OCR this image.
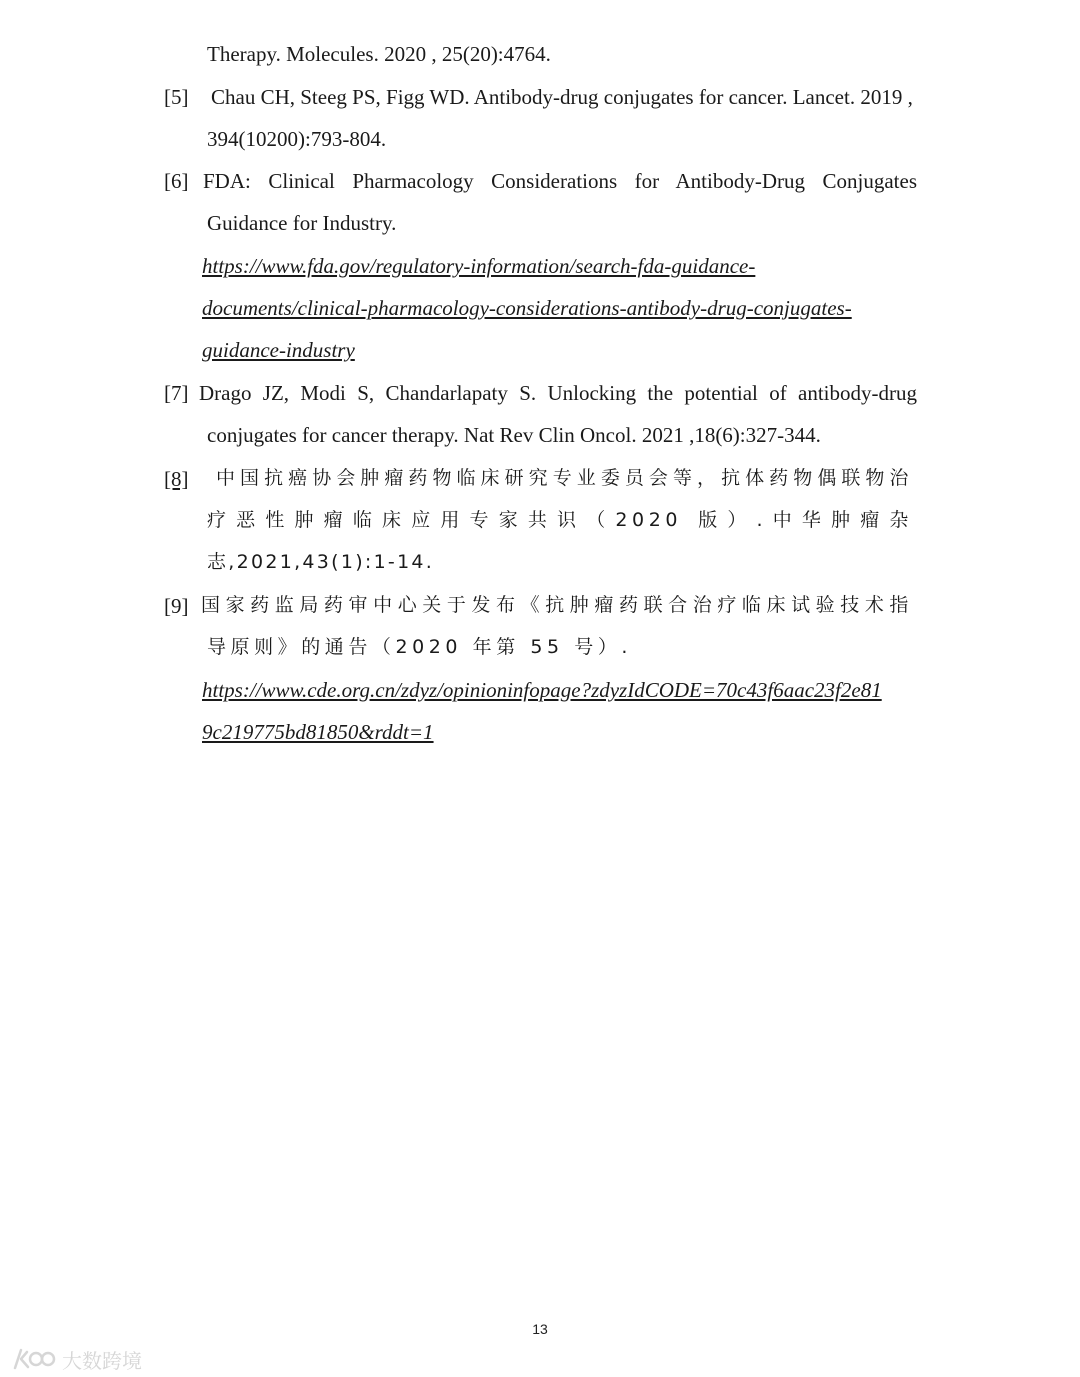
Therapy. Molecules. 2020 , 25(20):4764.
[5] Chau CH, Steeg PS, Figg WD. Antibody-drug conjugates for cancer. Lancet. 2019 ,
394(10200):793-804.
[6] FDA: Clinical Pharmacology Considerations for Antibody-Drug Conjugates
Guidance for Industry.
https://www.fda.gov/regulatory-information/search-fda-guidance-
documents/clinical-pharmacology-considerations-antibody-drug-conjugates-
guidance-industry
[7] Drago JZ, Modi S, Chandarlapaty S. Unlocking the potential of antibody-drug
conjugates for cancer therapy. Nat Rev Clin Oncol. 2021 ,18(6):327-344.
[8] 中国抗癌协会肿瘤药物临床研究专业委员会等，抗体药物偶联物治
疗恶性肿瘤临床应用专家共识（2020 版）.中华肿瘤杂
志,2021,43(1):1-14.
[9] 国家药监局药审中心关于发布《抗肿瘤药联合治疗临床试验技术指
导原则》的通告（2020 年第 55 号）.
https://www.cde.org.cn/zdyz/opinioninfopage?zdyzIdCODE=70c43f6aac23f2e81
9c219775bd81850&rddt=1
13
大数跨境
